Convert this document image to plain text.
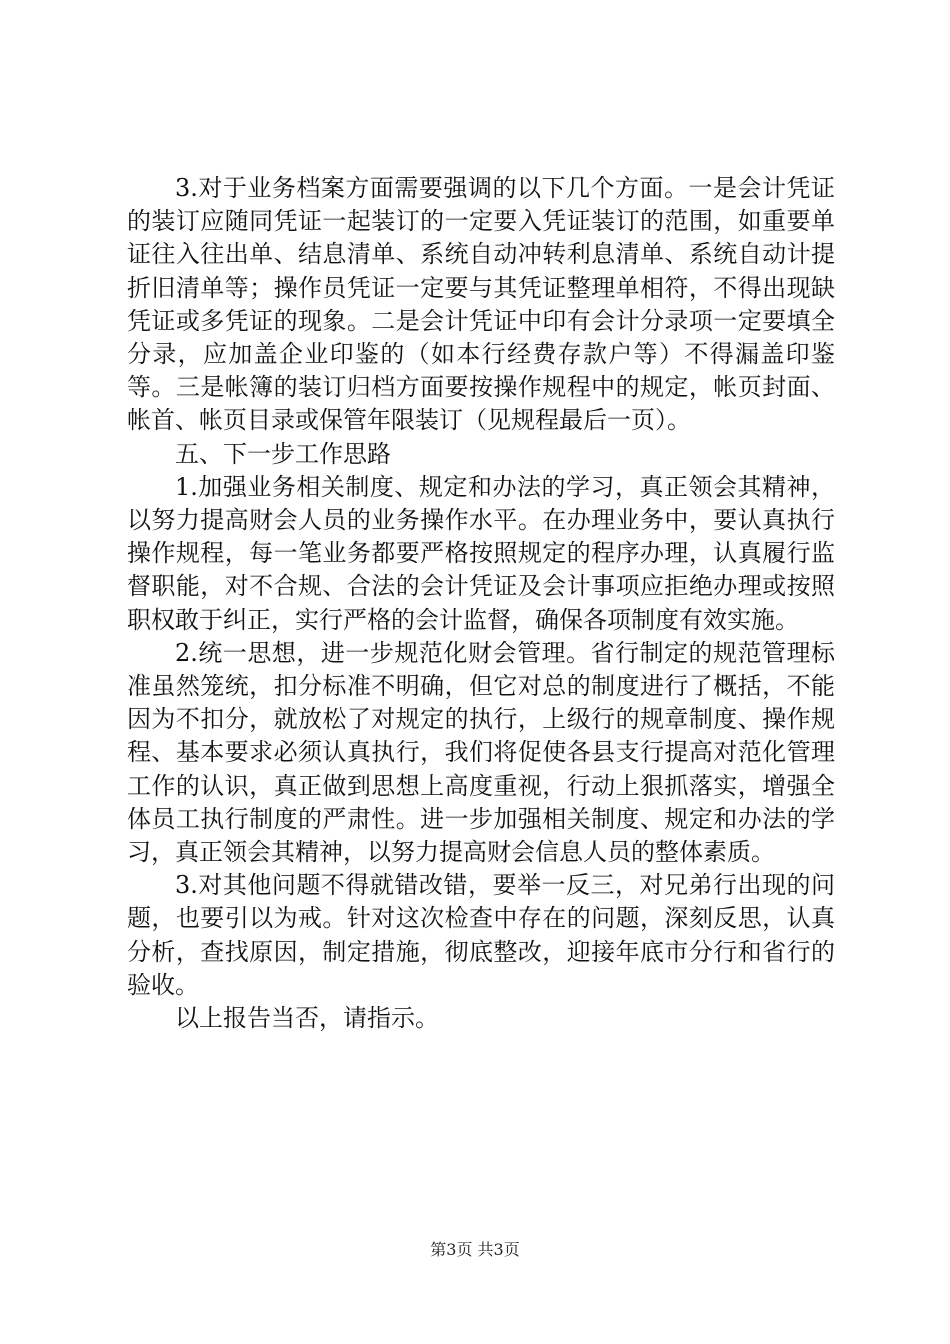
3.对于业务档案方面需要强调的以下几个方面。一是会计凭证的装订应随同凭证一起装订的一定要入凭证装订的范围，如重要单证往入往出单、结息清单、系统自动冲转利息清单、系统自动计提折旧清单等；操作员凭证一定要与其凭证整理单相符，不得出现缺凭证或多凭证的现象。二是会计凭证中印有会计分录项一定要填全分录，应加盖企业印鉴的（如本行经费存款户等）不得漏盖印鉴等。三是帐簿的装订归档方面要按操作规程中的规定，帐页封面、帐首、帐页目录或保管年限装订（见规程最后一页）。

五、下一步工作思路

1.加强业务相关制度、规定和办法的学习，真正领会其精神，以努力提高财会人员的业务操作水平。在办理业务中，要认真执行操作规程，每一笔业务都要严格按照规定的程序办理，认真履行监督职能，对不合规、合法的会计凭证及会计事项应拒绝办理或按照职权敢于纠正，实行严格的会计监督，确保各项制度有效实施。

2.统一思想，进一步规范化财会管理。省行制定的规范管理标准虽然笼统，扣分标准不明确，但它对总的制度进行了概括，不能因为不扣分，就放松了对规定的执行，上级行的规章制度、操作规程、基本要求必须认真执行，我们将促使各县支行提高对范化管理工作的认识，真正做到思想上高度重视，行动上狠抓落实，增强全体员工执行制度的严肃性。进一步加强相关制度、规定和办法的学习，真正领会其精神，以努力提高财会信息人员的整体素质。

3.对其他问题不得就错改错，要举一反三，对兄弟行出现的问题，也要引以为戒。针对这次检查中存在的问题，深刻反思，认真分析，查找原因，制定措施，彻底整改，迎接年底市分行和省行的验收。

以上报告当否，请指示。

第3页 共3页
